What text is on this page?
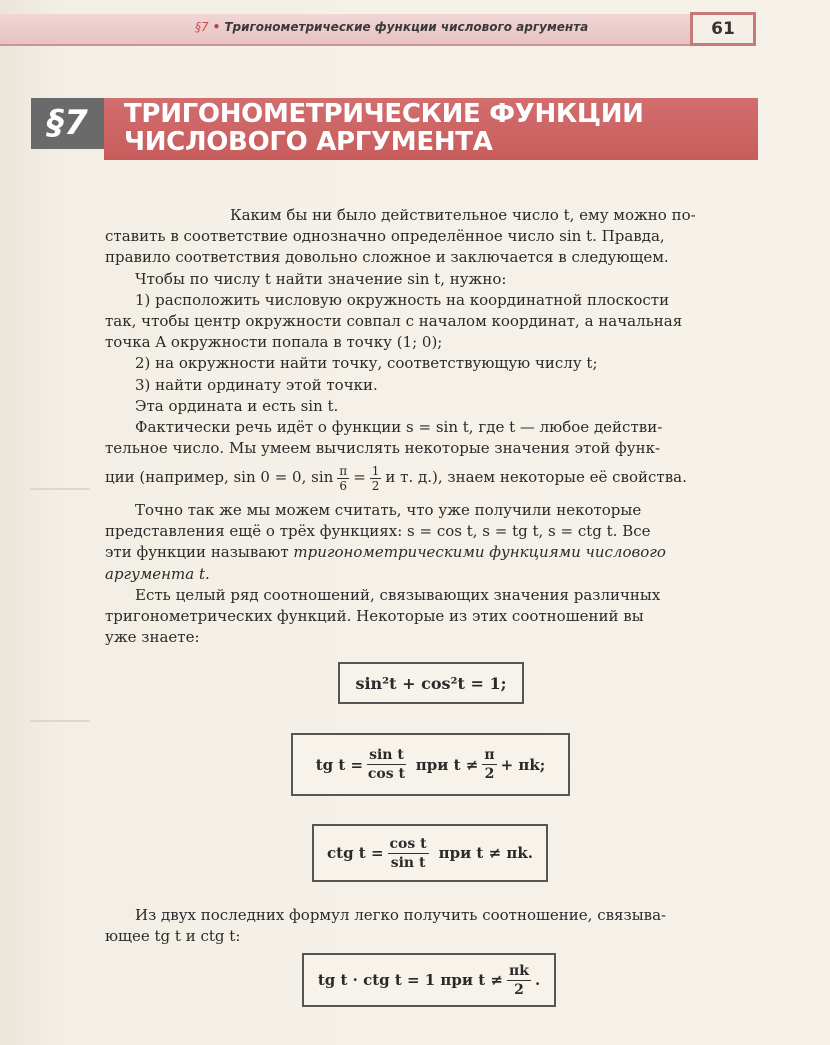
§7 • Тригонометрические функции числового аргумента	61
§7	ТРИГОНОМЕТРИЧЕСКИЕ ФУНКЦИИ
ЧИСЛОВОГО АРГУМЕНТА
Каким бы ни было действительное число t, ему можно по-
ставить в соответствие однозначно определённое число sin t. Правда,
правило соответствия довольно сложное и заключается в следующем.
Чтобы по числу t найти значение sin t, нужно:
1) расположить числовую окружность на координатной плоскости
так, чтобы центр окружности совпал с началом координат, а начальная
точка A окружности попала в точку (1; 0);
2) на окружности найти точку, соответствующую числу t;
3) найти ординату этой точки.
Эта ордината и есть sin t.
Фактически речь идёт о функции s = sin t, где t — любое действи-
тельное число. Мы умеем вычислять некоторые значения этой функ-
ции (например, sin 0 = 0, $\sin \frac{\pi}{6} = \frac{1}{2}$ и т. д.), знаем некоторые её свойства.
Точно так же мы можем считать, что уже получили некоторые
представления ещё о трёх функциях: s = cos t, s = tg t, s = ctg t. Все
эти функции называют тригонометрическими функциями числового
аргумента t.
Есть целый ряд соотношений, связывающих значения различных
тригонометрических функций. Некоторые из этих соотношений вы
уже знаете:
sin²t + cos²t = 1;
tg $t = \frac{\text{sin t}}{\text{cos t}}$ при $t \ne \frac{\pi}{2} + \pi k$;
ctg $t = \frac{\text{cos t}}{\text{sin t}}$ при t ≠ πk.
Из двух последних формул легко получить соотношение, связыва-
ющее tg t и ctg t:
tg t · ctg t = 1 при $t \ne \frac{\pi k}{2}$ .
